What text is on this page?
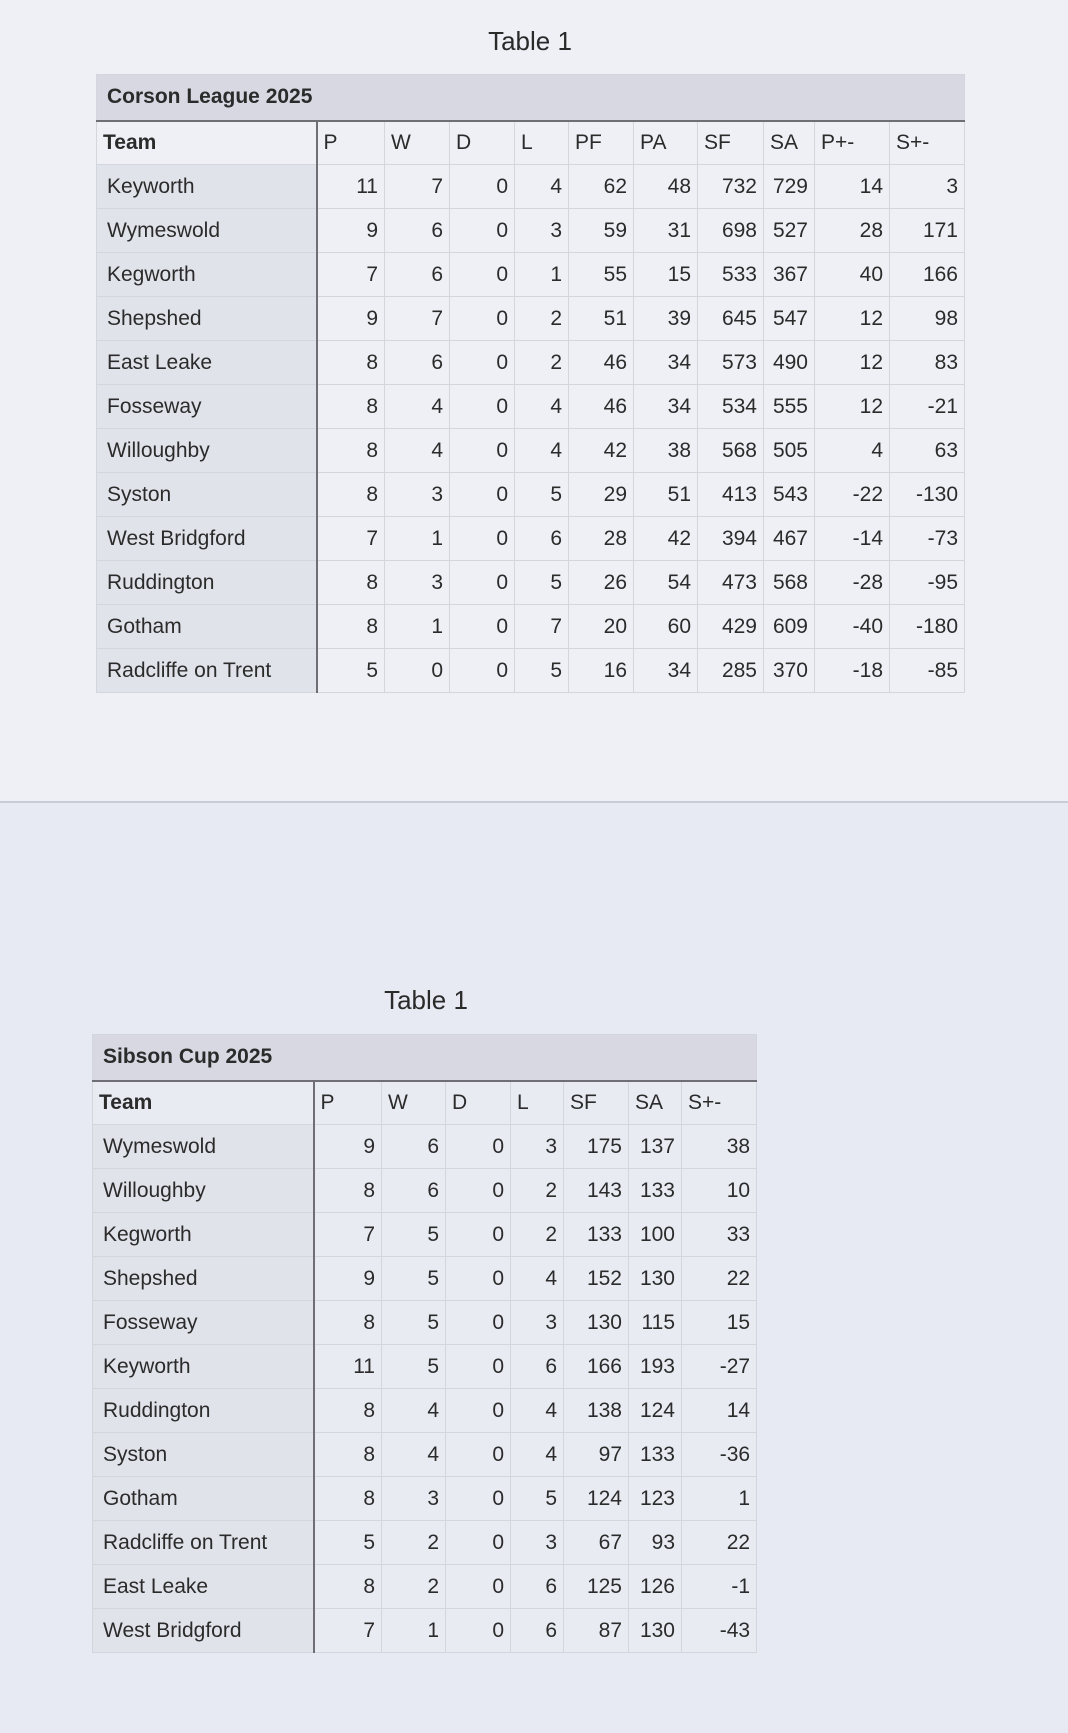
Table 1
Corson League 2025										
Team	P	W	D	L	PF	PA	SF	SA	P+-	S+-
Keyworth	11	7	0	4	62	48	732	729	14	3
Wymeswold	9	6	0	3	59	31	698	527	28	171
Kegworth	7	6	0	1	55	15	533	367	40	166
Shepshed	9	7	0	2	51	39	645	547	12	98
East Leake	8	6	0	2	46	34	573	490	12	83
Fosseway	8	4	0	4	46	34	534	555	12	-21
Willoughby	8	4	0	4	42	38	568	505	4	63
Syston	8	3	0	5	29	51	413	543	-22	-130
West Bridgford	7	1	0	6	28	42	394	467	-14	-73
Ruddington	8	3	0	5	26	54	473	568	-28	-95
Gotham	8	1	0	7	20	60	429	609	-40	-180
Radcliffe on Trent	5	0	0	5	16	34	285	370	-18	-85
Table 1
Sibson Cup 2025							
Team	P	W	D	L	SF	SA	S+-
Wymeswold	9	6	0	3	175	137	38
Willoughby	8	6	0	2	143	133	10
Kegworth	7	5	0	2	133	100	33
Shepshed	9	5	0	4	152	130	22
Fosseway	8	5	0	3	130	115	15
Keyworth	11	5	0	6	166	193	-27
Ruddington	8	4	0	4	138	124	14
Syston	8	4	0	4	97	133	-36
Gotham	8	3	0	5	124	123	1
Radcliffe on Trent	5	2	0	3	67	93	22
East Leake	8	2	0	6	125	126	-1
West Bridgford	7	1	0	6	87	130	-43
